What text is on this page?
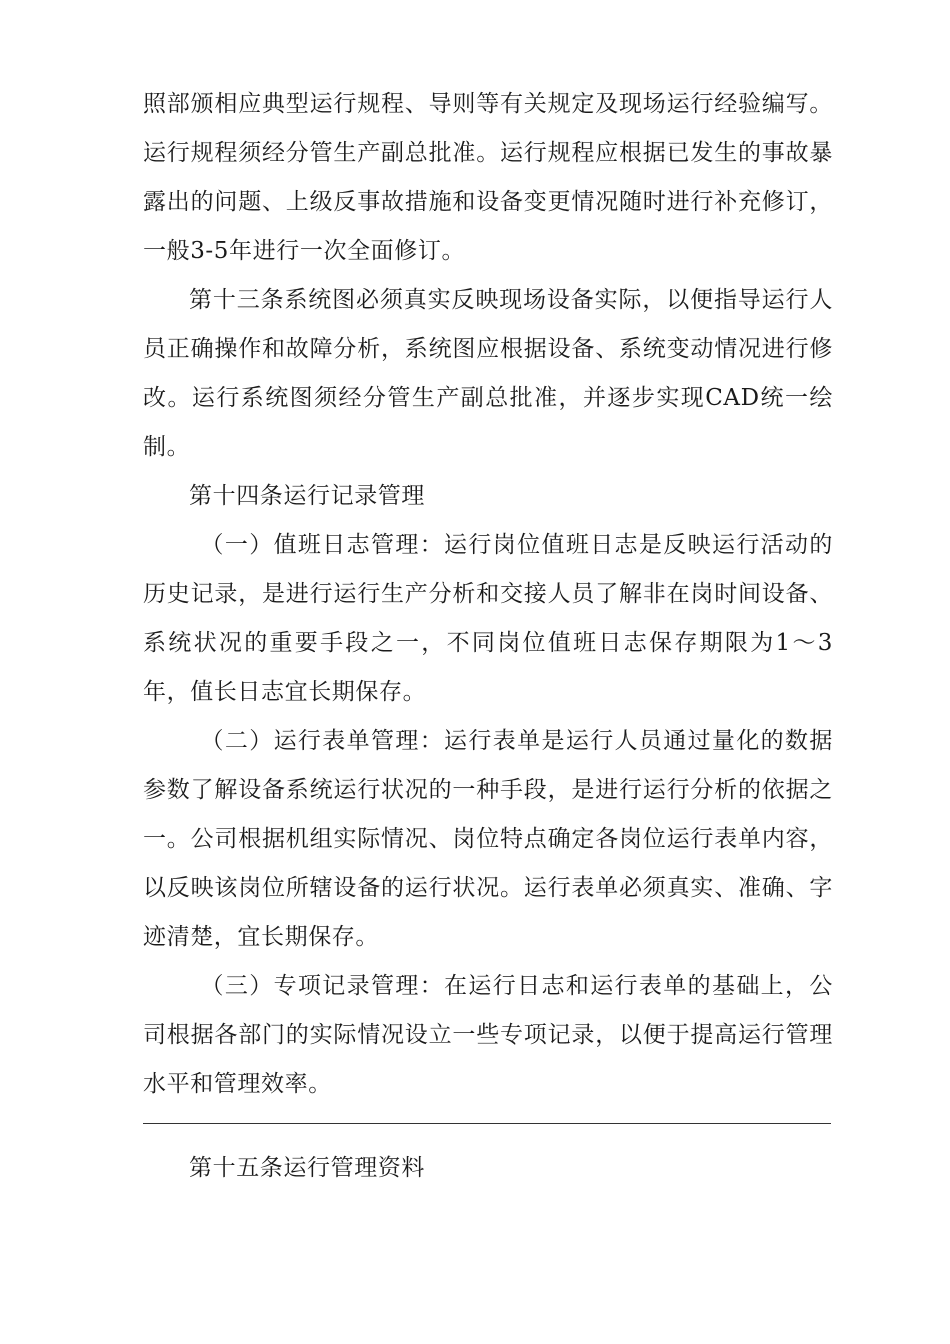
照部颁相应典型运行规程、导则等有关规定及现场运行经验编写。运行规程须经分管生产副总批准。运行规程应根据已发生的事故暴露出的问题、上级反事故措施和设备变更情况随时进行补充修订，一般3-5年进行一次全面修订。

第十三条系统图必须真实反映现场设备实际，以便指导运行人员正确操作和故障分析，系统图应根据设备、系统变动情况进行修改。运行系统图须经分管生产副总批准，并逐步实现CAD统一绘制。

第十四条运行记录管理

（一）值班日志管理：运行岗位值班日志是反映运行活动的历史记录，是进行运行生产分析和交接人员了解非在岗时间设备、系统状况的重要手段之一，不同岗位值班日志保存期限为1〜3年，值长日志宜长期保存。

（二）运行表单管理：运行表单是运行人员通过量化的数据参数了解设备系统运行状况的一种手段，是进行运行分析的依据之一。公司根据机组实际情况、岗位特点确定各岗位运行表单内容，以反映该岗位所辖设备的运行状况。运行表单必须真实、准确、字迹清楚，宜长期保存。

（三）专项记录管理：在运行日志和运行表单的基础上，公司根据各部门的实际情况设立一些专项记录，以便于提高运行管理水平和管理效率。

第十五条运行管理资料
